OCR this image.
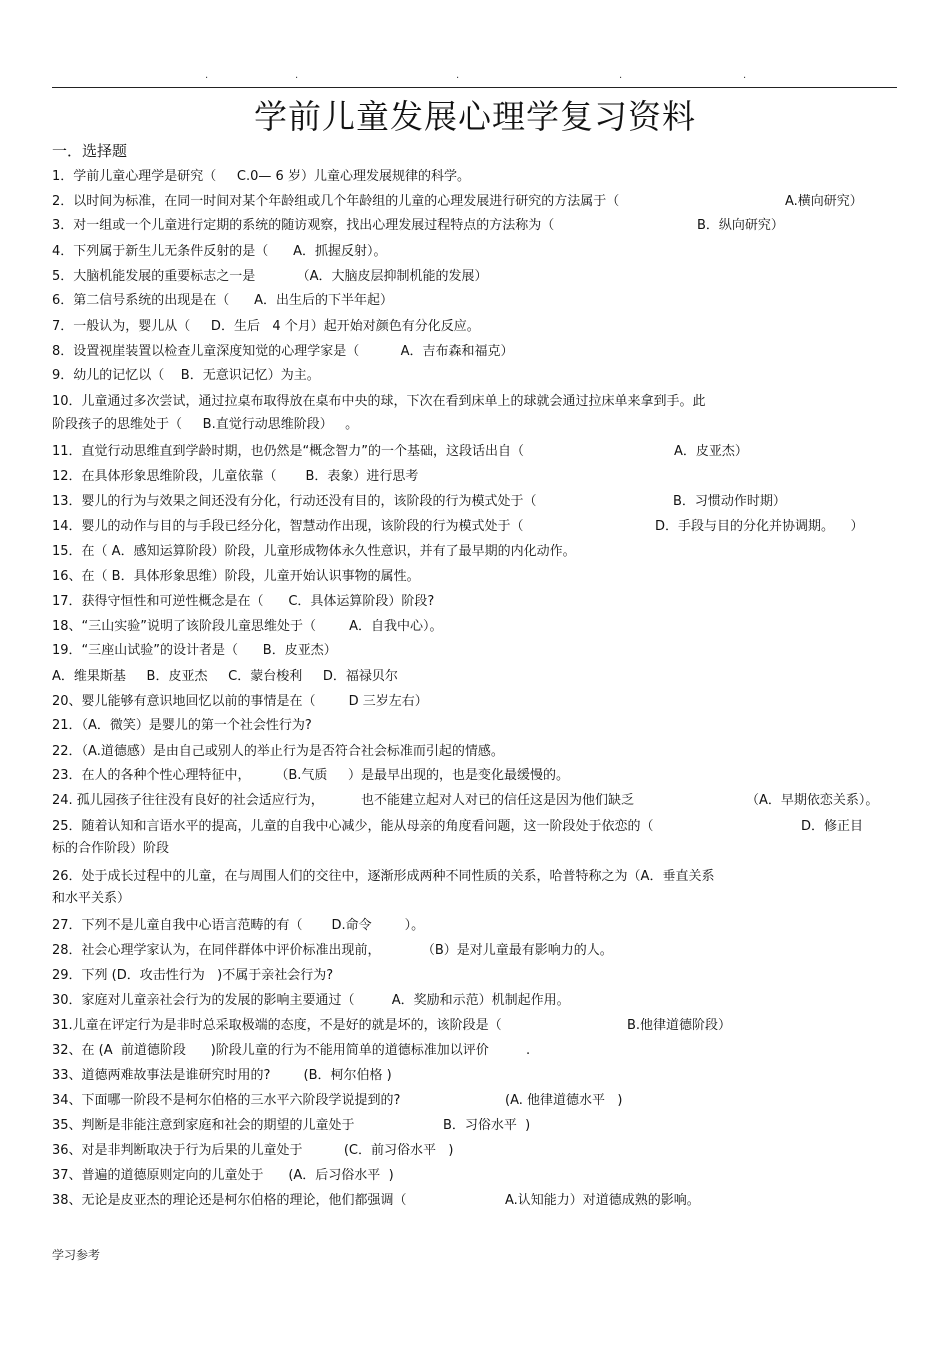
.	.	.	.	.
学前儿童发展心理学复习资料
一．选择题
1．学前儿童心理学是研究（     C.0— 6 岁）儿童心理发展规律的科学。
2．以时间为标准，在同一时间对某个年龄组或几个年龄组的儿童的心理发展进行研究的方法属于（	A.横向研究）
3．对一组或一个儿童进行定期的系统的随访观察，找出心理发展过程特点的方法称为（	B．纵向研究）
4．下列属于新生儿无条件反射的是（      A．抓握反射）。
5．大脑机能发展的重要标志之一是          （A．大脑皮层抑制机能的发展）
6．第二信号系统的出现是在（      A．出生后的下半年起）
7．一般认为，婴儿从（     D．生后   4 个月）起开始对颜色有分化反应。
8．设置视崖装置以检查儿童深度知觉的心理学家是（          A．吉布森和福克）
9．幼儿的记忆以（    B．无意识记忆）为主。
10．儿童通过多次尝试，通过拉桌布取得放在桌布中央的球，下次在看到床单上的球就会通过拉床单来拿到手。此
阶段孩子的思维处于（     B.直觉行动思维阶段）   。
11．直觉行动思维直到学龄时期，也仍然是“概念智力”的一个基础，这段话出自（	A．皮亚杰）
12．在具体形象思维阶段，儿童依靠（       B．表象）进行思考
13．婴儿的行为与效果之间还没有分化，行动还没有目的，该阶段的行为模式处于（	B．习惯动作时期）
14．婴儿的动作与目的与手段已经分化，智慧动作出现，该阶段的行为模式处于（	D．手段与目的分化并协调期。    ）
15．在（ A．感知运算阶段）阶段，儿童形成物体永久性意识，并有了最早期的内化动作。
16、在（ B．具体形象思维）阶段，儿童开始认识事物的属性。
17．获得守恒性和可逆性概念是在（      C．具体运算阶段）阶段?
18、“三山实验”说明了该阶段儿童思维处于（        A．自我中心）。
19．“三座山试验”的设计者是（      B．皮亚杰）
A．维果斯基     B．皮亚杰     C．蒙台梭利     D．福禄贝尔
20、婴儿能够有意识地回忆以前的事情是在（        D 三岁左右）
21．（A．微笑）是婴儿的第一个社会性行为?
22．（A.道德感）是由自己或别人的举止行为是否符合社会标准而引起的情感。
23．在人的各种个性心理特征中，      （B.气质     ）是最早出现的，也是变化最缓慢的。
24. 孤儿园孩子往往没有良好的社会适应行为，         也不能建立起对人对已的信任这是因为他们缺乏	（A．早期依恋关系）。
25．随着认知和言语水平的提高，儿童的自我中心减少，能从母亲的角度看问题，这一阶段处于依恋的（	D．修正目
标的合作阶段）阶段
26．处于成长过程中的儿童，在与周围人们的交往中，逐渐形成两种不同性质的关系，哈普特称之为（A．垂直关系
和水平关系）
27．下列不是儿童自我中心语言范畴的有（       D.命令        ）。
28．社会心理学家认为，在同伴群体中评价标准出现前，          （B）是对儿童最有影响力的人。
29．下列 (D．攻击性行为   )不属于亲社会行为?
30．家庭对儿童亲社会行为的发展的影响主要通过（         A．奖励和示范）机制起作用。
31.儿童在评定行为是非时总采取极端的态度，不是好的就是坏的，该阶段是（	B.他律道德阶段）
32、在 (A  前道德阶段      )阶段儿童的行为不能用简单的道德标准加以评价         .
33、道德两难故事法是谁研究时用的?        (B．柯尔伯格 )
34、下面哪一阶段不是柯尔伯格的三水平六阶段学说提到的?	(A. 他律道德水平   )
35、判断是非能注意到家庭和社会的期望的儿童处于	B．习俗水平  )
36、对是非判断取决于行为后果的儿童处于          (C．前习俗水平   )
37、普遍的道德原则定向的儿童处于      (A．后习俗水平  )
38、无论是皮亚杰的理论还是柯尔伯格的理论，他们都强调（	A.认知能力）对道德成熟的影响。
学习参考
